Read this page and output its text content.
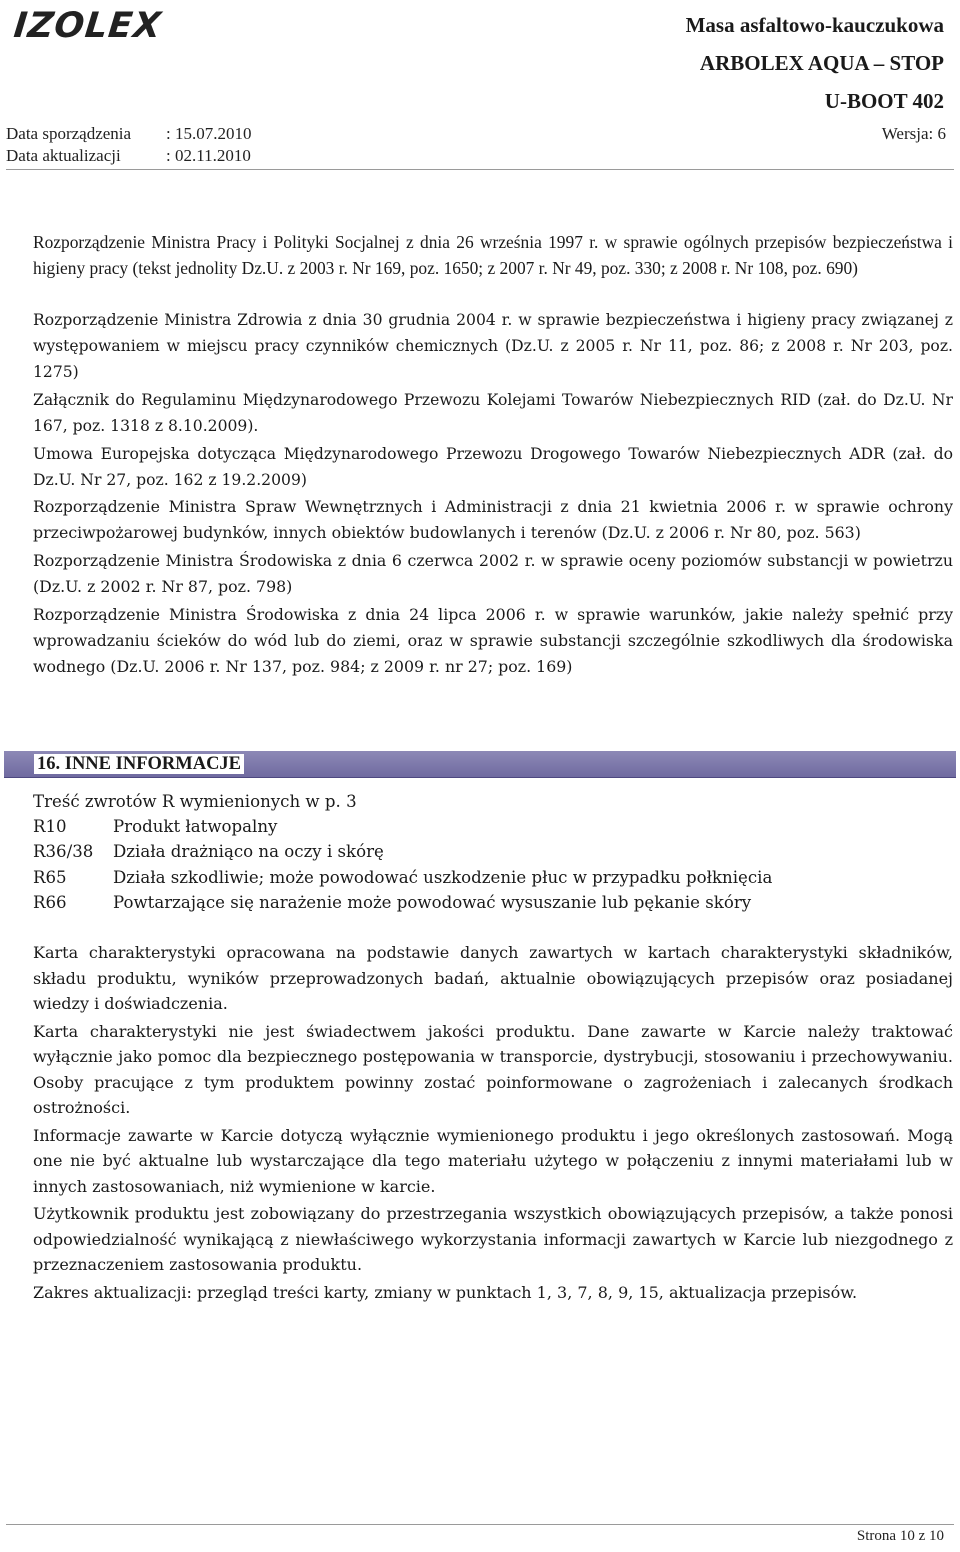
IZOLEX	Masa asfaltowo-kauczukowa
ARBOLEX AQUA – STOP
U-BOOT 402
Data sporządzenia : 15.07.2010
Data aktualizacji	: 02.11.2010
Wersja: 6
Rozporządzenie Ministra Pracy i Polityki Socjalnej z dnia 26 września 1997 r. w sprawie ogólnych przepisów bezpieczeństwa i higieny pracy (tekst jednolity Dz.U. z 2003 r. Nr 169, poz. 1650; z 2007 r. Nr 49, poz. 330; z 2008 r. Nr 108, poz. 690)

Rozporządzenie Ministra Zdrowia z dnia 30 grudnia 2004 r. w sprawie bezpieczeństwa i higieny pracy związanej z występowaniem w miejscu pracy czynników chemicznych (Dz.U. z 2005 r. Nr 11, poz. 86; z 2008 r. Nr 203, poz. 1275)

Załącznik do Regulaminu Międzynarodowego Przewozu Kolejami Towarów Niebezpiecznych RID (zał. do Dz.U. Nr 167, poz. 1318 z 8.10.2009).

Umowa Europejska dotycząca Międzynarodowego Przewozu Drogowego Towarów Niebezpiecznych ADR (zał. do Dz.U. Nr 27, poz. 162 z 19.2.2009)

Rozporządzenie Ministra Spraw Wewnętrznych i Administracji z dnia 21 kwietnia 2006 r. w sprawie ochrony przeciwpożarowej budynków, innych obiektów budowlanych i terenów (Dz.U. z 2006 r. Nr 80, poz. 563)

Rozporządzenie Ministra Środowiska z dnia 6 czerwca 2002 r. w sprawie oceny poziomów substancji w powietrzu (Dz.U. z 2002 r. Nr 87, poz. 798)

Rozporządzenie Ministra Środowiska z dnia 24 lipca 2006 r. w sprawie warunków, jakie należy spełnić przy wprowadzaniu ścieków do wód lub do ziemi, oraz w sprawie substancji szczególnie szkodliwych dla środowiska wodnego (Dz.U. 2006 r. Nr 137, poz. 984; z 2009 r. nr 27; poz. 169)

16. INNE INFORMACJE
Treść zwrotów R wymienionych w p. 3
R10	Produkt łatwopalny
R36/38 Działa drażniąco na oczy i skórę
R65	Działa szkodliwie; może powodować uszkodzenie płuc w przypadku połknięcia
R66	Powtarzające się narażenie może powodować wysuszanie lub pękanie skóry

Karta charakterystyki opracowana na podstawie danych zawartych w kartach charakterystyki składników, składu produktu, wyników przeprowadzonych badań, aktualnie obowiązujących przepisów oraz posiadanej wiedzy i doświadczenia.

Karta charakterystyki nie jest świadectwem jakości produktu. Dane zawarte w Karcie należy traktować wyłącznie jako pomoc dla bezpiecznego postępowania w transporcie, dystrybucji, stosowaniu i przechowywaniu. Osoby pracujące z tym produktem powinny zostać poinformowane o zagrożeniach i zalecanych środkach ostrożności.

Informacje zawarte w Karcie dotyczą wyłącznie wymienionego produktu i jego określonych zastosowań. Mogą one nie być aktualne lub wystarczające dla tego materiału użytego w połączeniu z innymi materiałami lub w innych zastosowaniach, niż wymienione w karcie.

Użytkownik produktu jest zobowiązany do przestrzegania wszystkich obowiązujących przepisów, a także ponosi odpowiedzialność wynikającą z niewłaściwego wykorzystania informacji zawartych w Karcie lub niezgodnego z przeznaczeniem zastosowania produktu.

Zakres aktualizacji: przegląd treści karty, zmiany w punktach 1, 3, 7, 8, 9, 15, aktualizacja przepisów.

Strona 10 z 10
